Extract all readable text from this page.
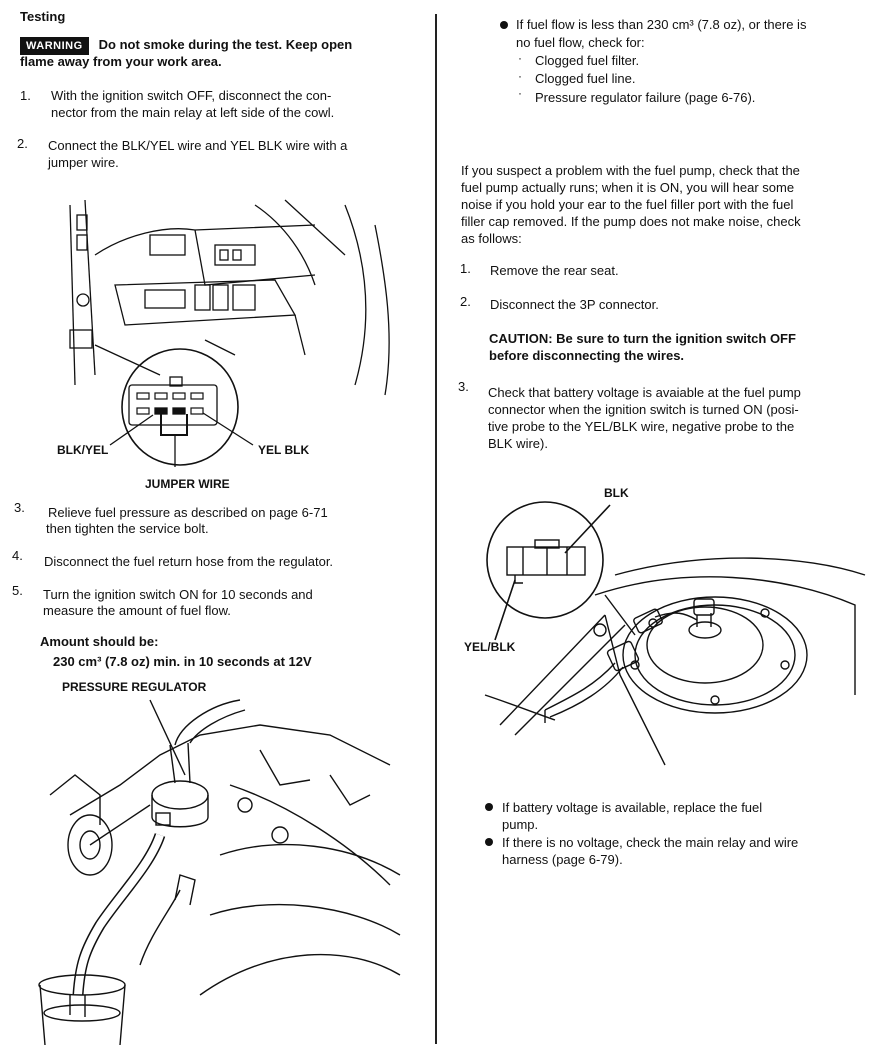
Testing
WARNING Do not smoke during the test. Keep open
flame away from your work area.
1. With the ignition switch OFF, disconnect the con-
nector from the main relay at left side of the cowl.
2. Connect the BLK/YEL wire and YEL BLK wire with a
jumper wire.
BLK/YEL	YEL BLK
JUMPER WIRE
3. Relieve fuel pressure as described on page 6-71
then tighten the service bolt.
4. Disconnect the fuel return hose from the regulator.
5. Turn the ignition switch ON for 10 seconds and
measure the amount of fuel flow.
Amount should be:
230 cm³ (7.8 oz) min. in 10 seconds at 12V
PRESSURE REGULATOR
If fuel flow is less than 230 cm³ (7.8 oz), or there is
no fuel flow, check for:
· Clogged fuel filter.
· Clogged fuel line.
· Pressure regulator failure (page 6-76).
If you suspect a problem with the fuel pump, check that the
fuel pump actually runs; when it is ON, you will hear some
noise if you hold your ear to the fuel filler port with the fuel
filler cap removed. If the pump does not make noise, check
as follows:
1. Remove the rear seat.
2. Disconnect the 3P connector.
CAUTION: Be sure to turn the ignition switch OFF
before disconnecting the wires.
3. Check that battery voltage is avaiable at the fuel pump
connector when the ignition switch is turned ON (posi-
tive probe to the YEL/BLK wire, negative probe to the
BLK wire).
BLK
YEL/BLK
If battery voltage is available, replace the fuel
pump.
If there is no voltage, check the main relay and wire
harness (page 6-79).
